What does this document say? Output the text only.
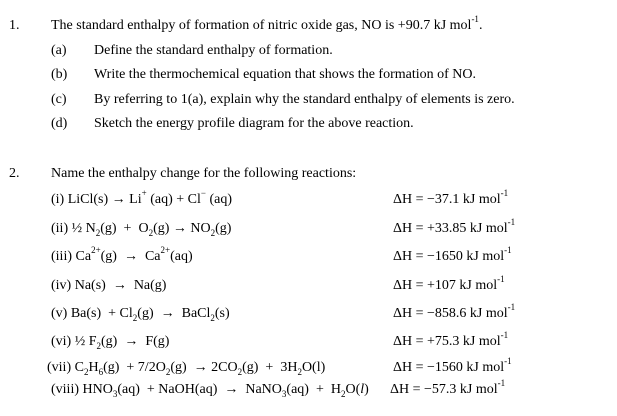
1. The standard enthalpy of formation of nitric oxide gas, NO is +90.7 kJ mol$^{-1}$.
(a) Define the standard enthalpy of formation.
(b) Write the thermochemical equation that shows the formation of NO.
(c) By referring to 1(a), explain why the standard enthalpy of elements is zero.
(d) Sketch the energy profile diagram for the above reaction.
2. Name the enthalpy change for the following reactions:
(i) LiCl(s) → Li+ (aq) + Cl− (aq)	ΔH = −37.1 kJ mol$^{-1}$
(ii) ½ $N_2(g) + O_2(g) \to NO_2(g)$	ΔH = +33.85 kJ mol$^{-1}$
(iii) $Ca^{2+}(g) \to Ca^{2+}(aq)$	ΔH = −1650 kJ mol$^{-1}$
(iv) Na(s)  →  Na(g)	ΔH = +107 kJ mol$^{-1}$
(v) $Ba(s) + Cl_2(g)$  →  BaCl$_2$(s)	ΔH = −858.6 kJ mol$^{-1}$
(vi) ½ $F_2(g) \to F(g)$	ΔH = +75.3 kJ mol$^{-1}$
(vii) $C_2H_6(g) + 7/2O_2(g) \to 2CO_2(g) + 3H_2O(l)$	ΔH = −1560 kJ mol$^{-1}$
(viii) $HNO_3(aq)$  + NaOH(aq)  →  NaNO$_3$(aq)  +  $H_2O(l) \Delta H = -57.3$ kJ mol$^{-1}$
